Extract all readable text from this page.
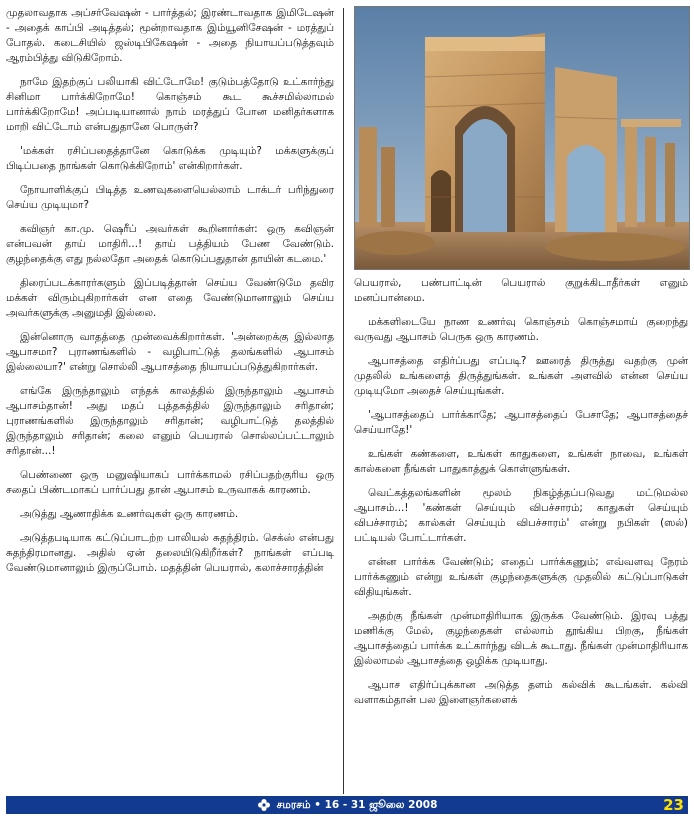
முதலாவதாக அப்சர்வேஷன் - பார்த்தல்; இரண்டாவதாக இமிடேஷன் - அதைக் காப்பி அடித்தல்; மூன்றாவதாக இம்யூனிசேஷன் - மரத்துப் போதல். கடைசியில் ஜஸ்டிபிகேஷன் - அதை நியாயப்படுத்தவும் ஆரம்பித்து விடுகிறோம்.

நாமே இதற்குப் பலியாகி விட்டோமே! குடும்பத்தோடு உட்கார்ந்து சினிமா பார்க்கிறோமே! கொஞ்சம் கூட கூச்சமில்லாமல் பார்க்கிறோமே! அப்படியானால் நாம் மரத்துப் போன மனிதர்களாக மாறி விட்டோம் என்பதுதானே பொருள்?

'மக்கள் ரசிப்பதைத்தானே கொடுக்க முடியும்? மக்களுக்குப் பிடிப்பதை நாங்கள் கொடுக்கிறோம்' என்கிறார்கள்.

நோயாளிக்குப் பிடித்த உணவுகளையெல்லாம் டாக்டர் பரிந்துரை செய்ய முடியுமா?

கவிஞர் கா.மு. ஷெரீப் அவர்கள் கூறினார்கள்: ஒரு கவிஞன் என்பவன் தாய் மாதிரி...! தாய் பத்தியம் பேண வேண்டும். குழந்தைக்கு எது நல்லதோ அதைக் கொடுப்பதுதான் தாயின் கடமை.'

திரைப்படக்காரர்களும் இப்படித்தான் செய்ய வேண்டுமே தவிர மக்கள் விரும்புகிறார்கள் என எதை வேண்டுமானாலும் செய்ய அவர்களுக்கு அனுமதி இல்லை.

இன்னொரு வாதத்தை முன்வைக்கிறார்கள். 'அன்றைக்கு இல்லாத ஆபாசமா? புராணங்களில் - வழிபாட்டுத் தலங்களில் ஆபாசம் இல்லையா?' என்று சொல்லி ஆபாசத்தை நியாயப்படுத்துகிறார்கள்.

எங்கே இருந்தாலும் எந்தக் காலத்தில் இருந்தாலும் ஆபாசம் ஆபாசம்தான்! அது மதப் புத்தகத்தில் இருந்தாலும் சரிதான்; புராணங்களில் இருந்தாலும் சரிதான்; வழிபாட்டுத் தலத்தில் இருந்தாலும் சரிதான்; கலை எனும் பெயரால் சொல்லப்பட்டாலும் சரிதான்...!

பெண்ணை ஒரு மனுஷியாகப் பார்க்காமல் ரசிப்பதற்குரிய ஒரு சதைப் பிண்டமாகப் பார்ப்பது தான் ஆபாசம் உருவாகக் காரணம்.

அடுத்து ஆணாதிக்க உணர்வுகள் ஒரு காரணம்.

அடுத்தபடியாக கட்டுப்பாடற்ற பாலியல் சுதந்திரம். செக்ஸ் என்பது சுதந்திரமானது. அதில் ஏன் தலையிடுகிறீர்கள்? நாங்கள் எப்படி வேண்டுமானாலும் இருப்போம். மதத்தின் பெயரால், கலாச்சாரத்தின்

பெயரால், பண்பாட்டின் பெயரால் குறுக்கிடாதீர்கள் எனும் மனப்பான்மை.

மக்களிடையே நாண உணர்வு கொஞ்சம் கொஞ்சமாய் குறைந்து வருவது ஆபாசம் பெருக ஒரு காரணம்.

ஆபாசத்தை எதிர்ப்பது எப்படி? ஊரைத் திருத்து வதற்கு முன் முதலில் உங்களைத் திருத்துங்கள். உங்கள் அளவில் என்ன செய்ய முடியுமோ அதைச் செய்யுங்கள்.

'ஆபாசத்தைப் பார்க்காதே; ஆபாசத்தைப் பேசாதே; ஆபாசத்தைச் செய்யாதே!'

உங்கள் கண்களை, உங்கள் காதுகளை, உங்கள் நாவை, உங்கள் கால்களை நீங்கள் பாதுகாத்துக் கொள்ளுங்கள்.

வெட்கத்தலங்களின் மூலம் நிகழ்த்தப்படுவது மட்டுமல்ல ஆபாசம்...! 'கண்கள் செய்யும் விபச்சாரம்; காதுகள் செய்யும் விபச்சாரம்; கால்கள் செய்யும் விபச்சாரம்' என்று நபிகள் (ஸல்) பட்டியல் போட்டார்கள்.

என்ன பார்க்க வேண்டும்; எதைப் பார்க்கணும்; எவ்வளவு நேரம் பார்க்கணும் என்று உங்கள் குழந்தைகளுக்கு முதலில் கட்டுப்பாடுகள் விதியுங்கள்.

அதற்கு நீங்கள் முன்மாதிரியாக இருக்க வேண்டும். இரவு பத்து மணிக்கு மேல், குழந்தைகள் எல்லாம் தூங்கிய பிறகு, நீங்கள் ஆபாசத்தைப் பார்க்க உட்கார்ந்து விடக் கூடாது. நீங்கள் முன்மாதிரியாக இல்லாமல் ஆபாசத்தை ஒழிக்க முடியாது.

ஆபாச எதிர்ப்புக்கான அடுத்த தளம் கல்விக் கூடங்கள். கல்வி வளாகம்தான் பல இளைஞர்களைக்

சமரசம் • 16 - 31 ஜூலை 2008	23
